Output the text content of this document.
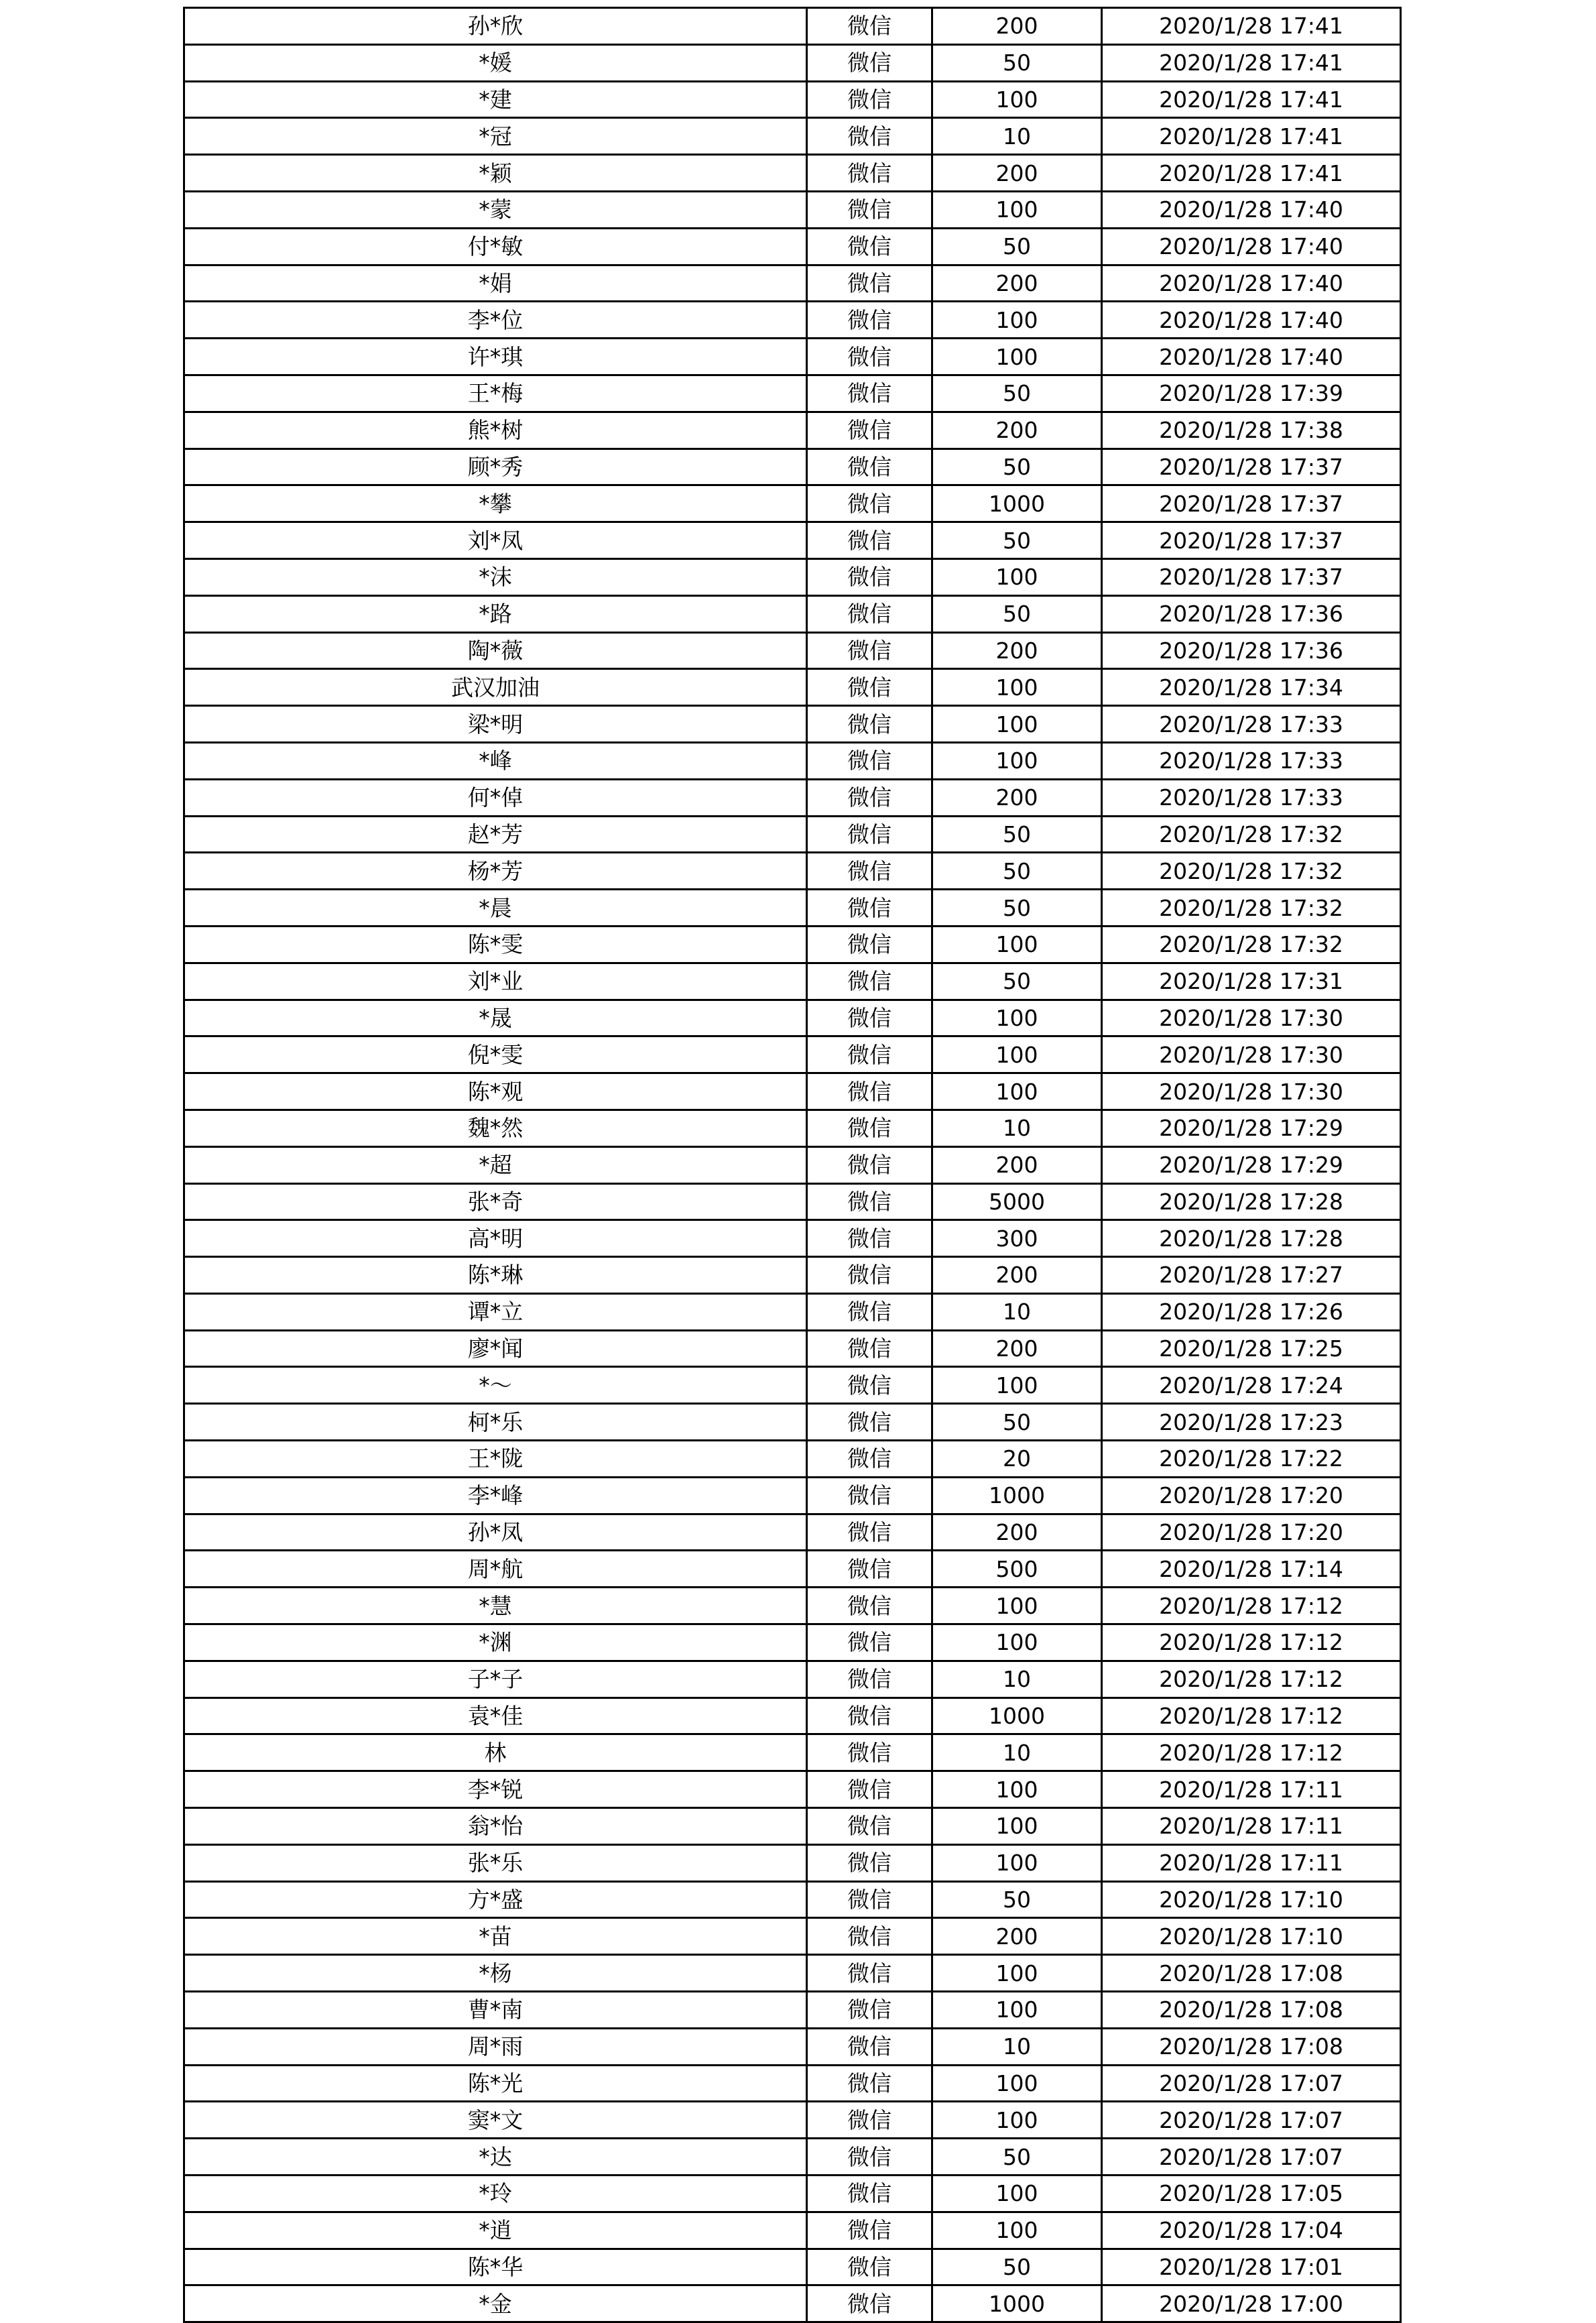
孙*欣	微信	200	2020/1/28 17:41
*媛	微信	50	2020/1/28 17:41
*建	微信	100	2020/1/28 17:41
*冠	微信	10	2020/1/28 17:41
*颖	微信	200	2020/1/28 17:41
*蒙	微信	100	2020/1/28 17:40
付*敏	微信	50	2020/1/28 17:40
*娟	微信	200	2020/1/28 17:40
李*位	微信	100	2020/1/28 17:40
许*琪	微信	100	2020/1/28 17:40
王*梅	微信	50	2020/1/28 17:39
熊*树	微信	200	2020/1/28 17:38
顾*秀	微信	50	2020/1/28 17:37
*攀	微信	1000	2020/1/28 17:37
刘*凤	微信	50	2020/1/28 17:37
*沫	微信	100	2020/1/28 17:37
*路	微信	50	2020/1/28 17:36
陶*薇	微信	200	2020/1/28 17:36
武汉加油	微信	100	2020/1/28 17:34
梁*明	微信	100	2020/1/28 17:33
*峰	微信	100	2020/1/28 17:33
何*倬	微信	200	2020/1/28 17:33
赵*芳	微信	50	2020/1/28 17:32
杨*芳	微信	50	2020/1/28 17:32
*晨	微信	50	2020/1/28 17:32
陈*雯	微信	100	2020/1/28 17:32
刘*业	微信	50	2020/1/28 17:31
*晟	微信	100	2020/1/28 17:30
倪*雯	微信	100	2020/1/28 17:30
陈*观	微信	100	2020/1/28 17:30
魏*然	微信	10	2020/1/28 17:29
*超	微信	200	2020/1/28 17:29
张*奇	微信	5000	2020/1/28 17:28
高*明	微信	300	2020/1/28 17:28
陈*琳	微信	200	2020/1/28 17:27
谭*立	微信	10	2020/1/28 17:26
廖*闻	微信	200	2020/1/28 17:25
*～	微信	100	2020/1/28 17:24
柯*乐	微信	50	2020/1/28 17:23
王*陇	微信	20	2020/1/28 17:22
李*峰	微信	1000	2020/1/28 17:20
孙*凤	微信	200	2020/1/28 17:20
周*航	微信	500	2020/1/28 17:14
*慧	微信	100	2020/1/28 17:12
*渊	微信	100	2020/1/28 17:12
子*子	微信	10	2020/1/28 17:12
袁*佳	微信	1000	2020/1/28 17:12
林	微信	10	2020/1/28 17:12
李*锐	微信	100	2020/1/28 17:11
翁*怡	微信	100	2020/1/28 17:11
张*乐	微信	100	2020/1/28 17:11
方*盛	微信	50	2020/1/28 17:10
*苗	微信	200	2020/1/28 17:10
*杨	微信	100	2020/1/28 17:08
曹*南	微信	100	2020/1/28 17:08
周*雨	微信	10	2020/1/28 17:08
陈*光	微信	100	2020/1/28 17:07
窦*文	微信	100	2020/1/28 17:07
*达	微信	50	2020/1/28 17:07
*玲	微信	100	2020/1/28 17:05
*逍	微信	100	2020/1/28 17:04
陈*华	微信	50	2020/1/28 17:01
*金	微信	1000	2020/1/28 17:00
